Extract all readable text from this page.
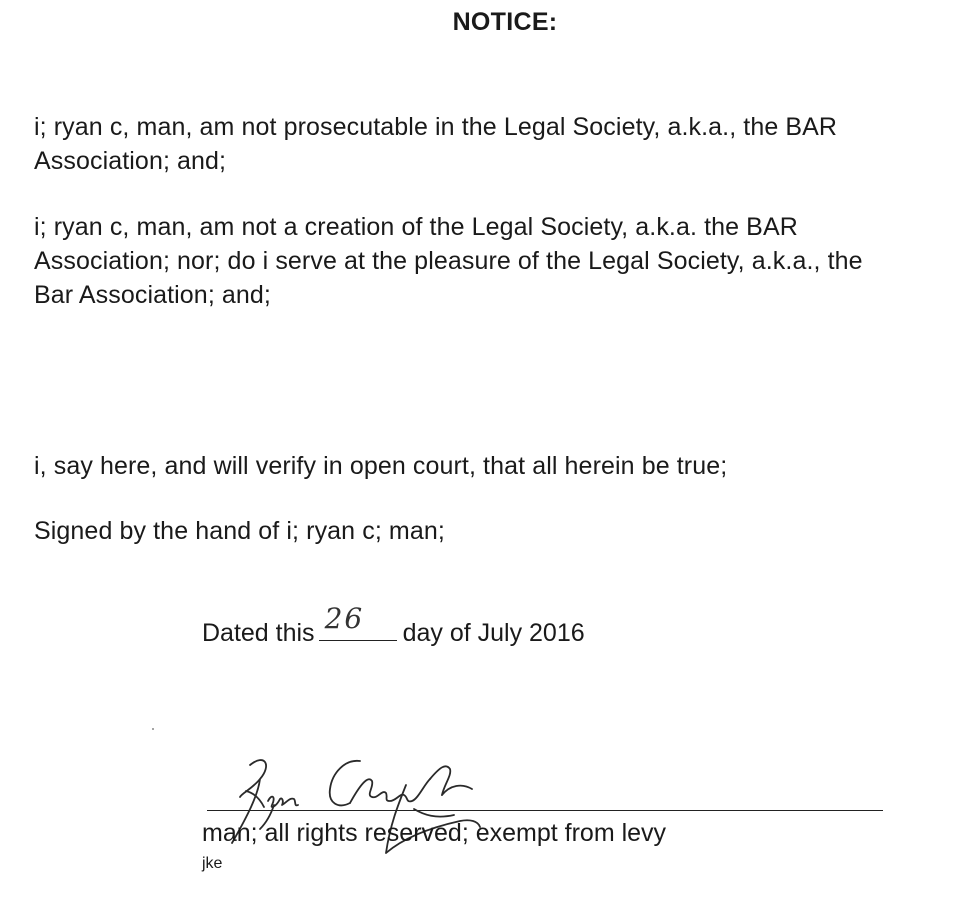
NOTICE:
i; ryan c, man, am not prosecutable in the Legal Society, a.k.a., the BAR
Association; and;
i; ryan c, man, am not a creation of the Legal Society, a.k.a. the BAR
Association; nor; do i serve at the pleasure of the Legal Society, a.k.a., the
Bar Association; and;
i, say here, and will verify in open court, that all herein be true;
Signed by the hand of i; ryan c; man;
Dated this 26 day of July 2016
man; all rights reserved; exempt from levy
jke
